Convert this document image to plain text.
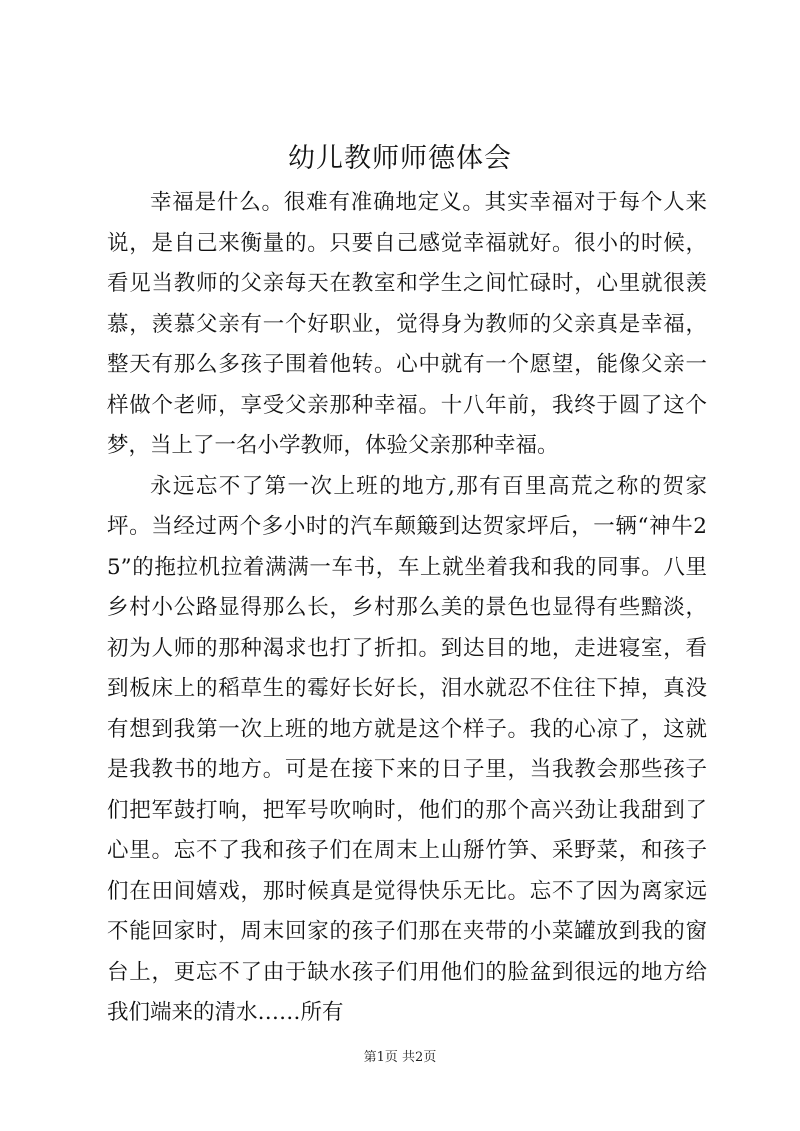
幼儿教师师德体会

幸福是什么。很难有准确地定义。其实幸福对于每个人来说，是自己来衡量的。只要自己感觉幸福就好。很小的时候，看见当教师的父亲每天在教室和学生之间忙碌时，心里就很羡慕，羡慕父亲有一个好职业，觉得身为教师的父亲真是幸福，整天有那么多孩子围着他转。心中就有一个愿望，能像父亲一样做个老师，享受父亲那种幸福。十八年前，我终于圆了这个梦，当上了一名小学教师，体验父亲那种幸福。

永远忘不了第一次上班的地方,那有百里高荒之称的贺家坪。当经过两个多小时的汽车颠簸到达贺家坪后，一辆“神牛25”的拖拉机拉着满满一车书，车上就坐着我和我的同事。八里乡村小公路显得那么长，乡村那么美的景色也显得有些黯淡，初为人师的那种渴求也打了折扣。到达目的地，走进寝室，看到板床上的稻草生的霉好长好长，泪水就忍不住往下掉，真没有想到我第一次上班的地方就是这个样子。我的心凉了，这就是我教书的地方。可是在接下来的日子里，当我教会那些孩子们把军鼓打响，把军号吹响时，他们的那个高兴劲让我甜到了心里。忘不了我和孩子们在周末上山掰竹笋、采野菜，和孩子们在田间嬉戏，那时候真是觉得快乐无比。忘不了因为离家远不能回家时，周末回家的孩子们那在夹带的小菜罐放到我的窗台上，更忘不了由于缺水孩子们用他们的脸盆到很远的地方给我们端来的清水……所有

第1页 共2页
